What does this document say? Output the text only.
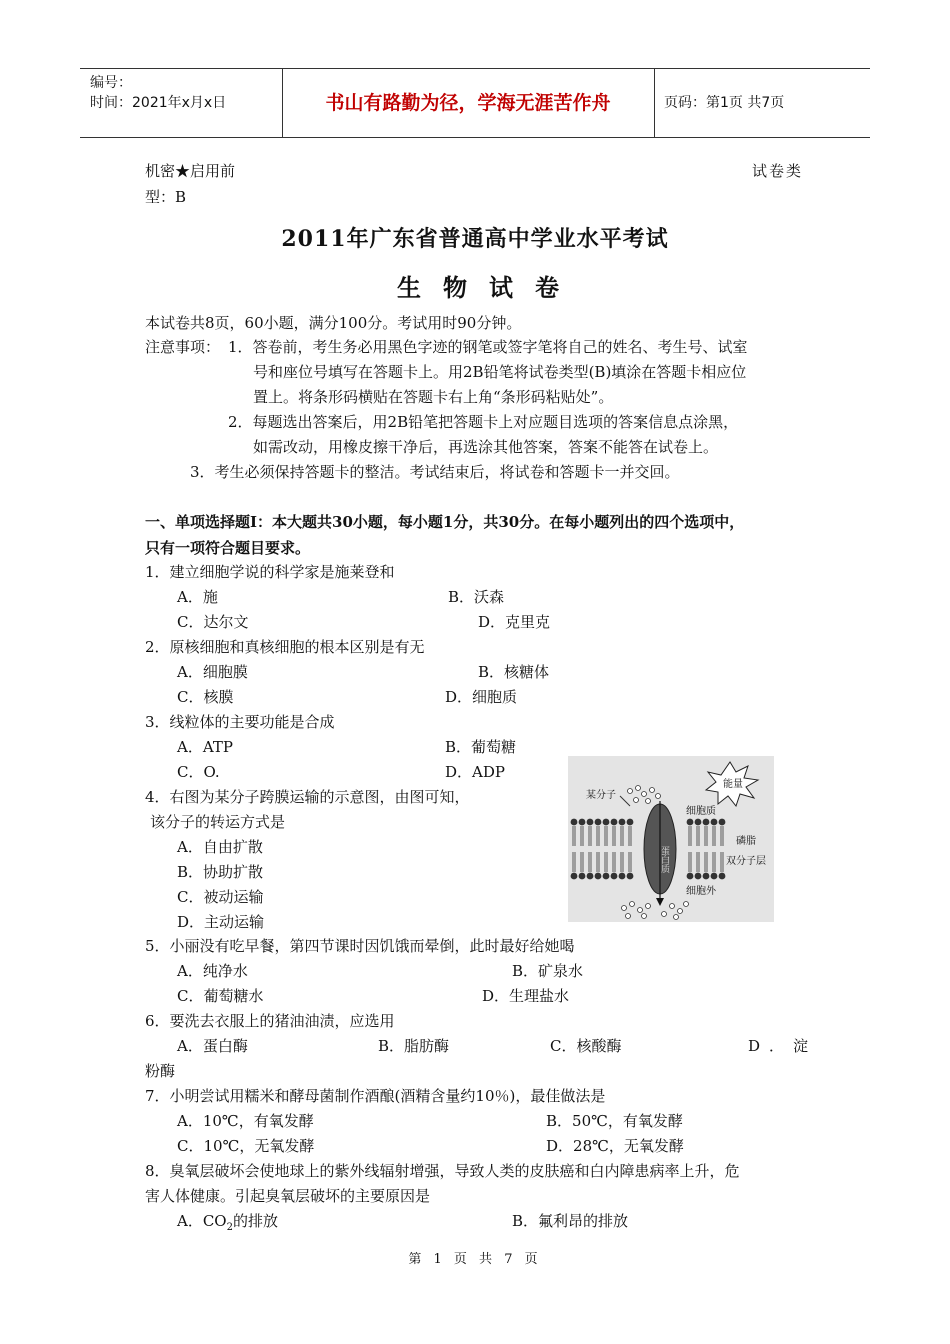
编号：
时间：2021年x月x日	书山有路勤为径，学海无涯苦作舟	页码：第1页 共7页
机密★启用前	试卷类
型：B
2011年广东省普通高中学业水平考试
生物试卷
本试卷共8页，60小题，满分100分。考试用时90分钟。
注意事项： 1．答卷前，考生务必用黑色字迹的钢笔或签字笔将自己的姓名、考生号、试室
号和座位号填写在答题卡上。用2B铅笔将试卷类型(B)填涂在答题卡相应位
置上。将条形码横贴在答题卡右上角“条形码粘贴处”。
2．每题选出答案后，用2B铅笔把答题卡上对应题目选项的答案信息点涂黑，
如需改动，用橡皮擦干净后，再选涂其他答案，答案不能答在试卷上。
3．考生必须保持答题卡的整洁。考试结束后，将试卷和答题卡一并交回。
一、单项选择题Ⅰ：本大题共30小题，每小题1分，共30分。在每小题列出的四个选项中，
只有一项符合题目要求。
1．建立细胞学说的科学家是施莱登和
A．施	B．沃森
C．达尔文	D．克里克
2．原核细胞和真核细胞的根本区别是有无
A．细胞膜	B．核糖体
C．核膜	D．细胞质
3．线粒体的主要功能是合成
A．ATP	B．葡萄糖
C．O.	D．ADP
4．右图为某分子跨膜运输的示意图，由图可知，
该分子的转运方式是
A．自由扩散
B．协助扩散
C．被动运输
D．主动运输
能量
某分子
蛋白质
细胞质
磷脂
双分子层
细胞外
5．小丽没有吃早餐，第四节课时因饥饿而晕倒，此时最好给她喝
A．纯净水	B．矿泉水
C．葡萄糖水	D．生理盐水
6．要洗去衣服上的猪油油渍，应选用
A．蛋白酶	B．脂肪酶	C．核酸酶	D．淀
粉酶
7．小明尝试用糯米和酵母菌制作酒酿(酒精含量约10％)，最佳做法是
A．10℃，有氧发酵	B．50℃，有氧发酵
C．10℃，无氧发酵	D．28℃，无氧发酵
8．臭氧层破坏会使地球上的紫外线辐射增强，导致人类的皮肤癌和白内障患病率上升，危
害人体健康。引起臭氧层破坏的主要原因是
A．$CO_2$的排放	B．氟利昂的排放
第 1 页 共 7 页
